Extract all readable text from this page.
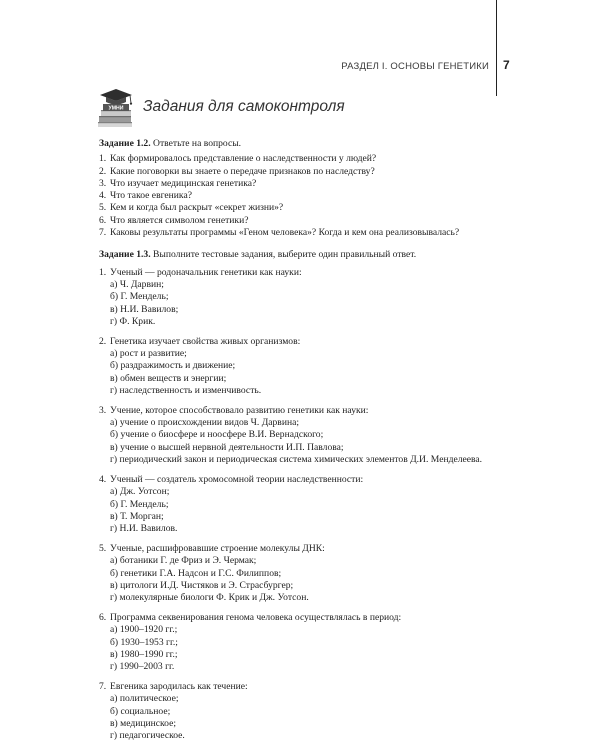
РАЗДЕЛ I. ОСНОВЫ ГЕНЕТИКИ 7
УМНИ Задания для самоконтроля

Задание 1.2. Ответьте на вопросы.

1. Как формировалось представление о наследственности у людей?
2. Какие поговорки вы знаете о передаче признаков по наследству?
3. Что изучает медицинская генетика?
4. Что такое евгеника?
5. Кем и когда был раскрыт «секрет жизни»?
6. Что является символом генетики?
7. Каковы результаты программы «Геном человека»? Когда и кем она реализовывалась?

Задание 1.3. Выполните тестовые задания, выберите один правильный ответ.

1. Ученый — родоначальник генетики как науки:
а) Ч. Дарвин;
б) Г. Мендель;
в) Н.И. Вавилов;
г) Ф. Крик.
2. Генетика изучает свойства живых организмов:
а) рост и развитие;
б) раздражимость и движение;
в) обмен веществ и энергии;
г) наследственность и изменчивость.
3. Учение, которое способствовало развитию генетики как науки:
а) учение о происхождении видов Ч. Дарвина;
б) учение о биосфере и ноосфере В.И. Вернадского;
в) учение о высшей нервной деятельности И.П. Павлова;
г) периодический закон и периодическая система химических элементов Д.И. Менделеева.
4. Ученый — создатель хромосомной теории наследственности:
а) Дж. Уотсон;
б) Г. Мендель;
в) Т. Морган;
г) Н.И. Вавилов.
5. Ученые, расшифровавшие строение молекулы ДНК:
а) ботаники Г. де Фриз и Э. Чермак;
б) генетики Г.А. Надсон и Г.С. Филиппов;
в) цитологи И.Д. Чистяков и Э. Страсбургер;
г) молекулярные биологи Ф. Крик и Дж. Уотсон.
6. Программа секвенирования генома человека осуществлялась в период:
а) 1900–1920 гг.;
б) 1930–1953 гг.;
в) 1980–1990 гг.;
г) 1990–2003 гг.
7. Евгеника зародилась как течение:
а) политическое;
б) социальное;
в) медицинское;
г) педагогическое.
